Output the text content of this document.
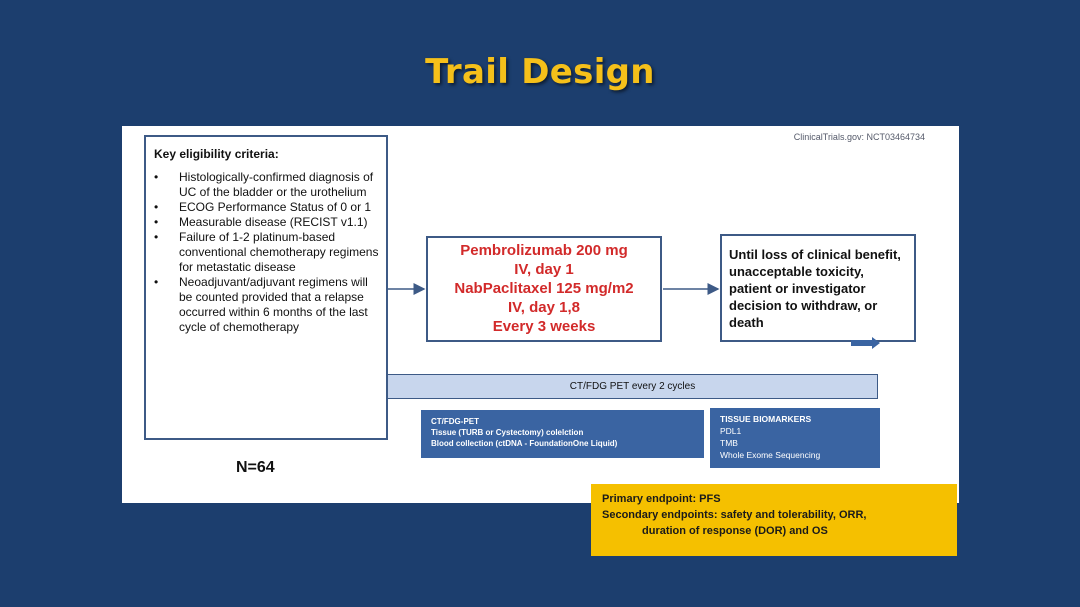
Trail Design
ClinicalTrials.gov: NCT03464734
Key eligibility criteria:
• Histologically-confirmed diagnosis of UC of the bladder or the urothelium
• ECOG Performance Status of 0 or 1
• Measurable disease (RECIST v1.1)
• Failure of 1-2 platinum-based conventional chemotherapy regimens for metastatic disease
• Neoadjuvant/adjuvant regimens will be counted provided that a relapse occurred within 6 months of the last cycle of chemotherapy
N=64
Pembrolizumab 200 mg
IV, day 1
NabPaclitaxel 125 mg/m2
IV, day 1,8
Every 3 weeks
Until loss of clinical benefit, unacceptable toxicity, patient or investigator decision to withdraw, or death
CT/FDG PET every 2 cycles
CT/FDG-PET
Tissue (TURB or Cystectomy) colelction
Blood collection (ctDNA - FoundationOne Liquid)
TISSUE BIOMARKERS
PDL1
TMB
Whole Exome Sequencing
Primary endpoint: PFS
Secondary endpoints: safety and tolerability, ORR,
duration of response (DOR) and OS
